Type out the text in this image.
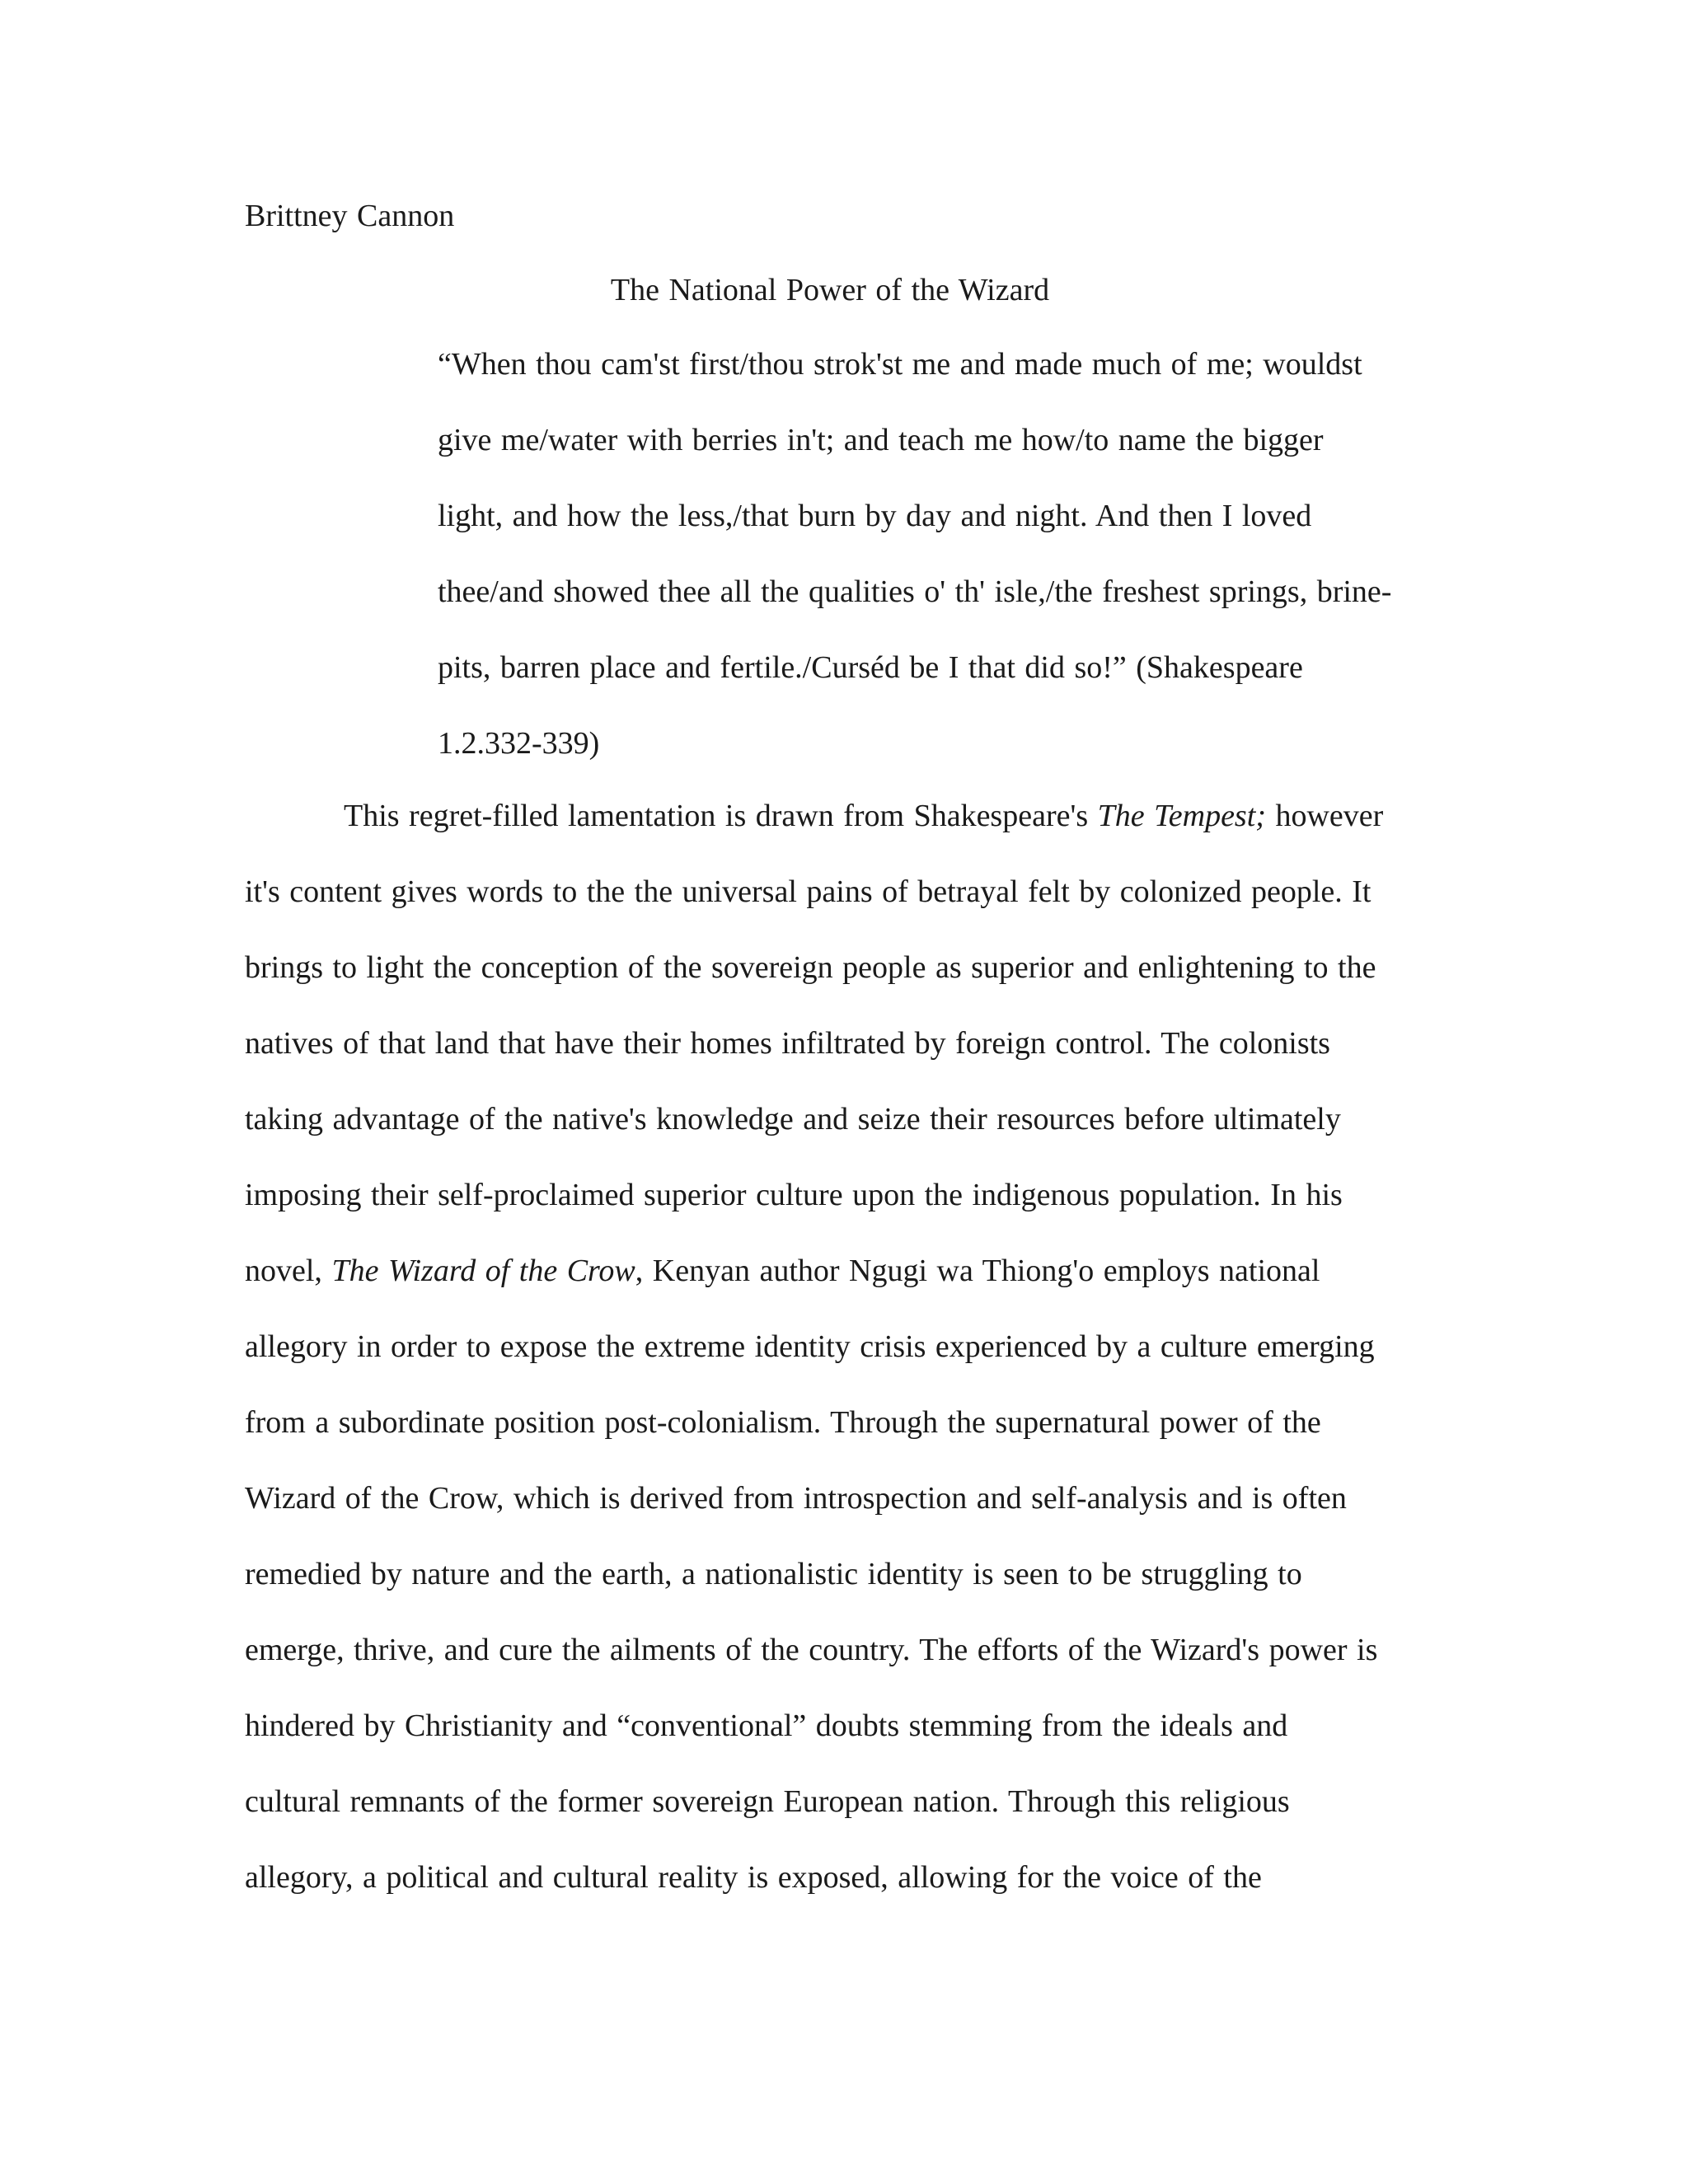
Brittney Cannon
The National Power of the Wizard
“When thou cam'st first/thou strok'st me and made much of me; wouldst
give me/water with berries in't; and teach me how/to name the bigger
light, and how the less,/that burn by day and night. And then I loved
thee/and showed thee all the qualities o' th' isle,/the freshest springs, brine-
pits, barren place and fertile./Curséd be I that did so!” (Shakespeare
1.2.332-339)
This regret-filled lamentation is drawn from Shakespeare's The Tempest; however
it's content gives words to the the universal pains of betrayal felt by colonized people. It
brings to light the conception of the sovereign people as superior and enlightening to the
natives of that land that have their homes infiltrated by foreign control. The colonists
taking advantage of the native's knowledge and seize their resources before ultimately
imposing their self-proclaimed superior culture upon the indigenous population. In his
novel, The Wizard of the Crow, Kenyan author Ngugi wa Thiong'o employs national
allegory in order to expose the extreme identity crisis experienced by a culture emerging
from a subordinate position post-colonialism. Through the supernatural power of the
Wizard of the Crow, which is derived from introspection and self-analysis and is often
remedied by nature and the earth, a nationalistic identity is seen to be struggling to
emerge, thrive, and cure the ailments of the country. The efforts of the Wizard's power is
hindered by Christianity and “conventional” doubts stemming from the ideals and
cultural remnants of the former sovereign European nation. Through this religious
allegory, a political and cultural reality is exposed, allowing for the voice of the
